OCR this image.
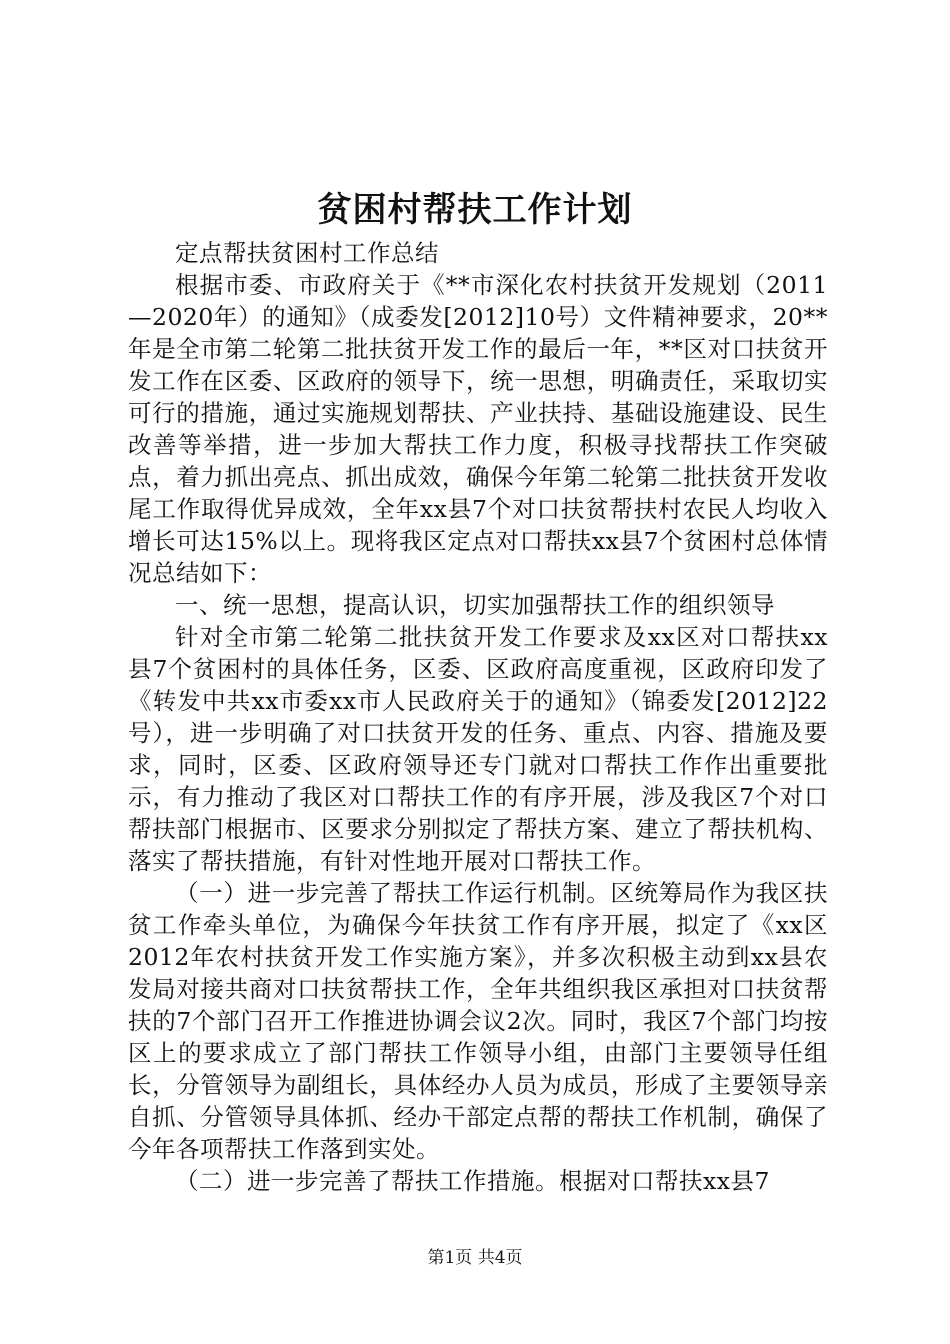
贫困村帮扶工作计划

定点帮扶贫困村工作总结

根据市委、市政府关于《**市深化农村扶贫开发规划（2011—2020年）的通知》（成委发[2012]10号）文件精神要求，20**年是全市第二轮第二批扶贫开发工作的最后一年，**区对口扶贫开发工作在区委、区政府的领导下，统一思想，明确责任，采取切实可行的措施，通过实施规划帮扶、产业扶持、基础设施建设、民生改善等举措，进一步加大帮扶工作力度，积极寻找帮扶工作突破点，着力抓出亮点、抓出成效，确保今年第二轮第二批扶贫开发收尾工作取得优异成效，全年xx县7个对口扶贫帮扶村农民人均收入增长可达15%以上。现将我区定点对口帮扶xx县7个贫困村总体情况总结如下：

一、统一思想，提高认识，切实加强帮扶工作的组织领导

针对全市第二轮第二批扶贫开发工作要求及xx区对口帮扶xx县7个贫困村的具体任务，区委、区政府高度重视，区政府印发了《转发中共xx市委xx市人民政府关于的通知》（锦委发[2012]22号），进一步明确了对口扶贫开发的任务、重点、内容、措施及要求，同时，区委、区政府领导还专门就对口帮扶工作作出重要批示，有力推动了我区对口帮扶工作的有序开展，涉及我区7个对口帮扶部门根据市、区要求分别拟定了帮扶方案、建立了帮扶机构、落实了帮扶措施，有针对性地开展对口帮扶工作。

（一）进一步完善了帮扶工作运行机制。区统筹局作为我区扶贫工作牵头单位，为确保今年扶贫工作有序开展，拟定了《xx区2012年农村扶贫开发工作实施方案》，并多次积极主动到xx县农发局对接共商对口扶贫帮扶工作，全年共组织我区承担对口扶贫帮扶的7个部门召开工作推进协调会议2次。同时，我区7个部门均按区上的要求成立了部门帮扶工作领导小组，由部门主要领导任组长，分管领导为副组长，具体经办人员为成员，形成了主要领导亲自抓、分管领导具体抓、经办干部定点帮的帮扶工作机制，确保了今年各项帮扶工作落到实处。

（二）进一步完善了帮扶工作措施。根据对口帮扶xx县7

第1页 共4页
